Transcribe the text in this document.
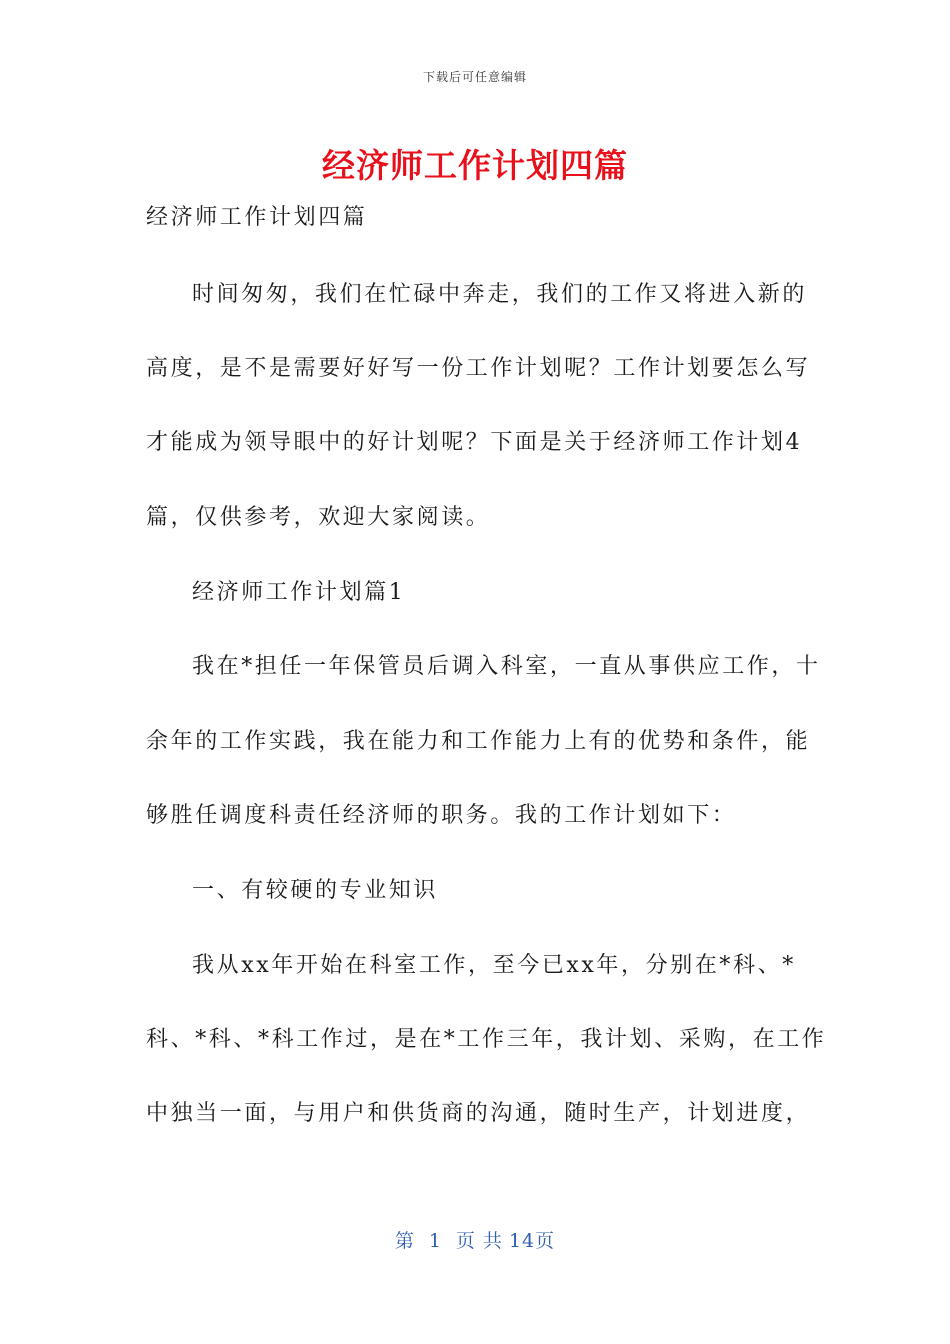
下载后可任意编辑
经济师工作计划四篇
经济师工作计划四篇
时间匆匆，我们在忙碌中奔走，我们的工作又将进入新的
高度，是不是需要好好写一份工作计划呢？工作计划要怎么写
才能成为领导眼中的好计划呢？下面是关于经济师工作计划4
篇，仅供参考，欢迎大家阅读。
经济师工作计划篇1
我在*担任一年保管员后调入科室，一直从事供应工作，十
余年的工作实践，我在能力和工作能力上有的优势和条件，能
够胜任调度科责任经济师的职务。我的工作计划如下：
一、有较硬的专业知识
我从xx年开始在科室工作，至今已xx年，分别在*科、*
科、*科、*科工作过，是在*工作三年，我计划、采购，在工作
中独当一面，与用户和供货商的沟通，随时生产，计划进度，
第 1 页 共 14页
